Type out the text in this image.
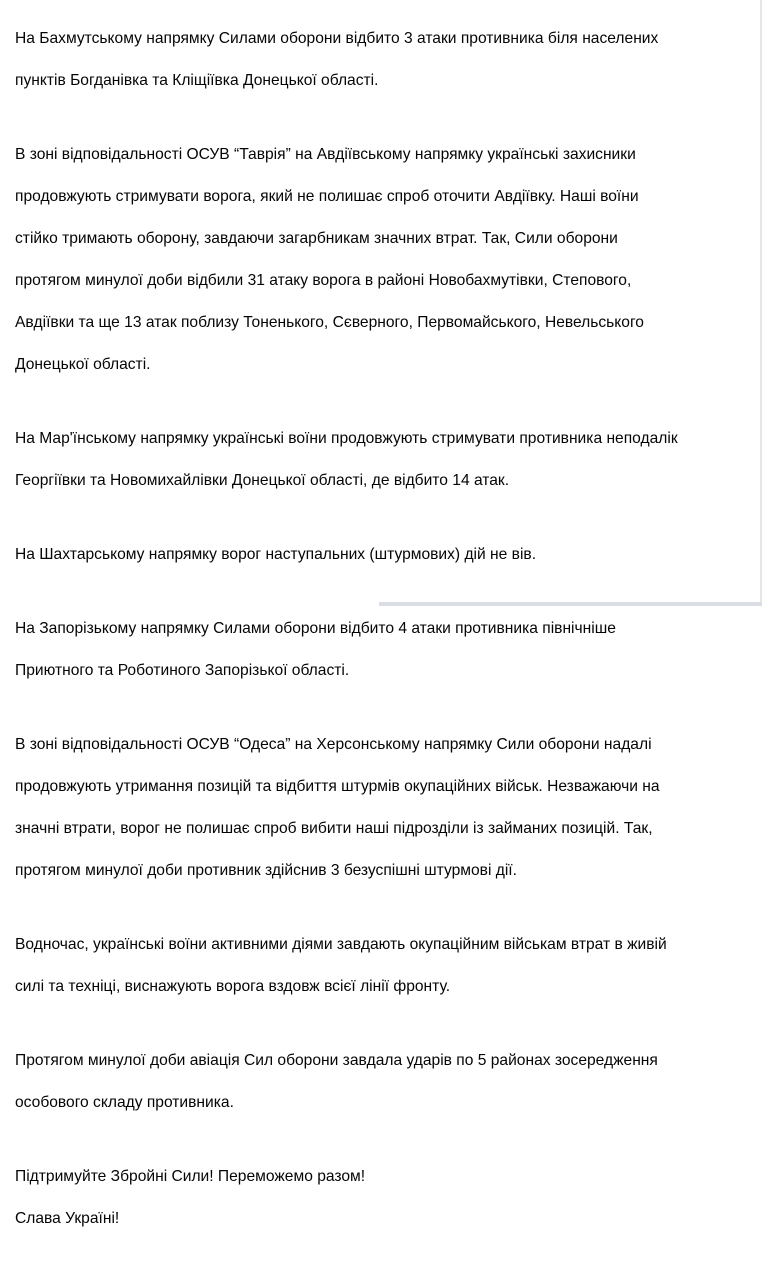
На Бахмутському напрямку Силами оборони відбито 3 атаки противника біля населених

пунктів Богданівка та Кліщіївка Донецької області.

В зоні відповідальності ОСУВ “Таврія” на Авдіївському напрямку українські захисники

продовжують стримувати ворога, який не полишає спроб оточити Авдіївку. Наші воїни

стійко тримають оборону, завдаючи загарбникам значних втрат. Так, Сили оборони

протягом минулої доби відбили 31 атаку ворога в районі Новобахмутівки, Степового,

Авдіївки та ще 13 атак поблизу Тоненького, Сєверного, Первомайського, Невельського

Донецької області.

На Мар'їнському напрямку українські воїни продовжують стримувати противника неподалік

Георгіївки та Новомихайлівки Донецької області, де відбито 14 атак.

На Шахтарському напрямку ворог наступальних (штурмових) дій не вів.

На Запорізькому напрямку Силами оборони відбито 4 атаки противника північніше

Приютного та Роботиного Запорізької області.

В зоні відповідальності ОСУВ “Одеса” на Херсонському напрямку Сили оборони надалі

продовжують утримання позицій та відбиття штурмів окупаційних військ. Незважаючи на

значні втрати, ворог не полишає спроб вибити наші підрозділи із займаних позицій. Так,

протягом минулої доби противник здійснив 3 безуспішні штурмові дії.

Водночас, українські воїни активними діями завдають окупаційним військам втрат в живій

силі та техніці, виснажують ворога вздовж всієї лінії фронту.

Протягом минулої доби авіація Сил оборони завдала ударів по 5 районах зосередження

особового складу противника.

Підтримуйте Збройні Сили! Переможемо разом!

Слава Україні!
